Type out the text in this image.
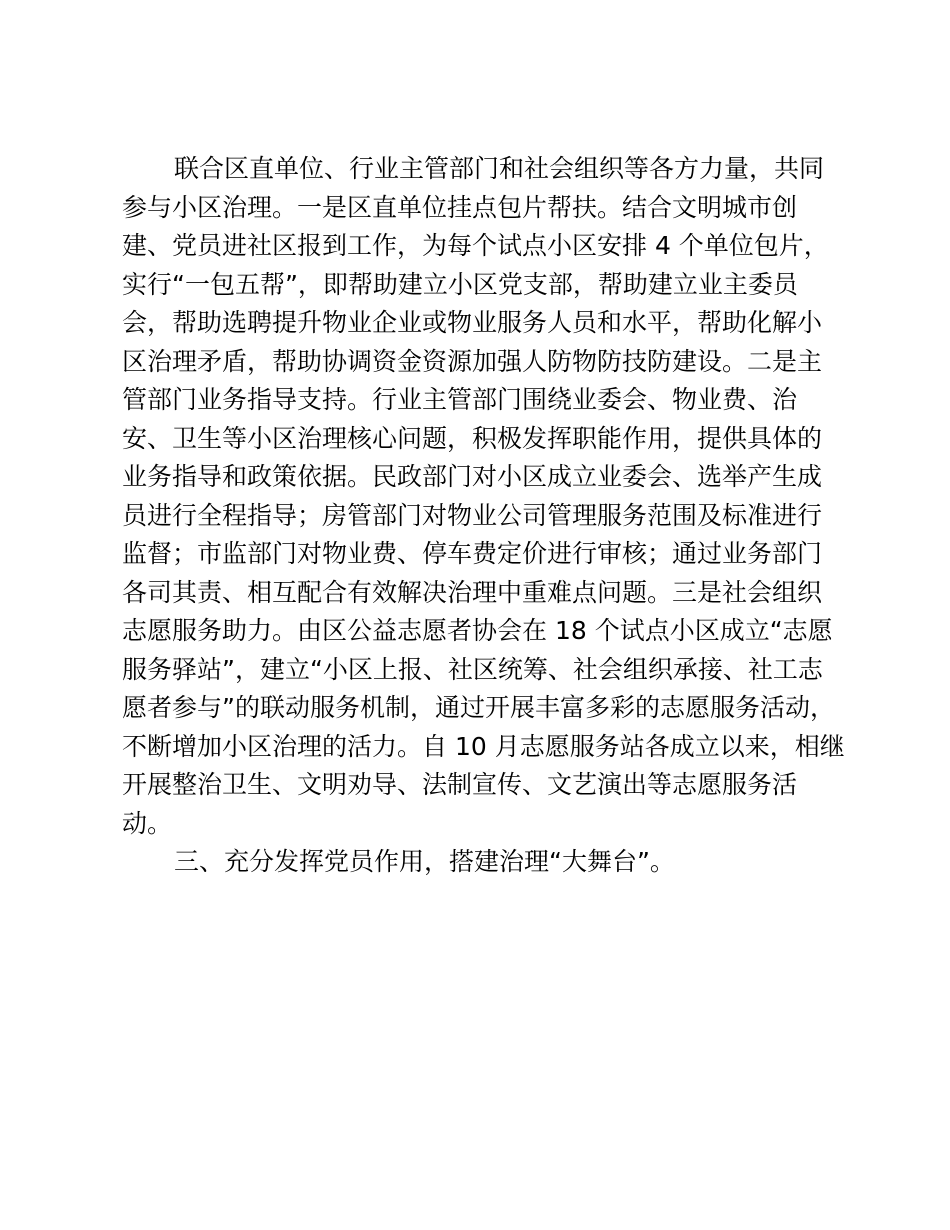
联合区直单位、行业主管部门和社会组织等各方力量，共同
参与小区治理。一是区直单位挂点包片帮扶。结合文明城市创
建、党员进社区报到工作，为每个试点小区安排 4 个单位包片，
实行“一包五帮”，即帮助建立小区党支部，帮助建立业主委员
会，帮助选聘提升物业企业或物业服务人员和水平，帮助化解小
区治理矛盾，帮助协调资金资源加强人防物防技防建设。二是主
管部门业务指导支持。行业主管部门围绕业委会、物业费、治
安、卫生等小区治理核心问题，积极发挥职能作用，提供具体的
业务指导和政策依据。民政部门对小区成立业委会、选举产生成
员进行全程指导；房管部门对物业公司管理服务范围及标准进行
监督；市监部门对物业费、停车费定价进行审核；通过业务部门
各司其责、相互配合有效解决治理中重难点问题。三是社会组织
志愿服务助力。由区公益志愿者协会在 18 个试点小区成立“志愿
服务驿站”，建立“小区上报、社区统筹、社会组织承接、社工志
愿者参与”的联动服务机制，通过开展丰富多彩的志愿服务活动，
不断增加小区治理的活力。自 10 月志愿服务站各成立以来，相继
开展整治卫生、文明劝导、法制宣传、文艺演出等志愿服务活
动。
三、充分发挥党员作用，搭建治理“大舞台”。
